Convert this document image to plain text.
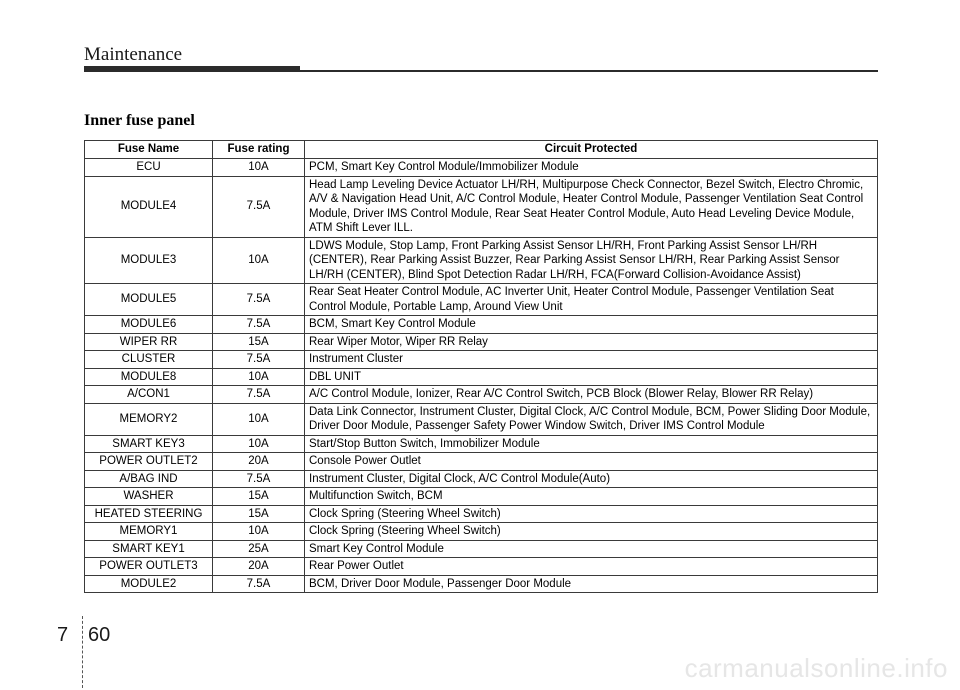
Maintenance
Inner fuse panel
Fuse Name	Fuse rating	Circuit Protected
ECU	10A	PCM, Smart Key Control Module/Immobilizer Module
MODULE4	7.5A	Head Lamp Leveling Device Actuator LH/RH, Multipurpose Check Connector, Bezel Switch, Electro Chromic, A/V & Navigation Head Unit, A/C Control Module, Heater Control Module, Passenger Ventilation Seat Control Module, Driver IMS Control Module, Rear Seat Heater Control Module, Auto Head Leveling Device Module, ATM Shift Lever ILL.
MODULE3	10A	LDWS Module, Stop Lamp, Front Parking Assist Sensor LH/RH, Front Parking Assist Sensor LH/RH (CENTER), Rear Parking Assist Buzzer, Rear Parking Assist Sensor LH/RH, Rear Parking Assist Sensor LH/RH (CENTER), Blind Spot Detection Radar LH/RH, FCA(Forward Collision-Avoidance Assist)
MODULE5	7.5A	Rear Seat Heater Control Module, AC Inverter Unit, Heater Control Module, Passenger Ventilation Seat Control Module, Portable Lamp, Around View Unit
MODULE6	7.5A	BCM, Smart Key Control Module
WIPER RR	15A	Rear Wiper Motor, Wiper RR Relay
CLUSTER	7.5A	Instrument Cluster
MODULE8	10A	DBL UNIT
A/CON1	7.5A	A/C Control Module, Ionizer, Rear A/C Control Switch, PCB Block (Blower Relay, Blower RR Relay)
MEMORY2	10A	Data Link Connector, Instrument Cluster, Digital Clock, A/C Control Module, BCM, Power Sliding Door Module, Driver Door Module, Passenger Safety Power Window Switch, Driver IMS Control Module
SMART KEY3	10A	Start/Stop Button Switch, Immobilizer Module
POWER OUTLET2	20A	Console Power Outlet
A/BAG IND	7.5A	Instrument Cluster, Digital Clock, A/C Control Module(Auto)
WASHER	15A	Multifunction Switch, BCM
HEATED STEERING	15A	Clock Spring (Steering Wheel Switch)
MEMORY1	10A	Clock Spring (Steering Wheel Switch)
SMART KEY1	25A	Smart Key Control Module
POWER OUTLET3	20A	Rear Power Outlet
MODULE2	7.5A	BCM, Driver Door Module, Passenger Door Module
7 60
carmanualsonline.info
